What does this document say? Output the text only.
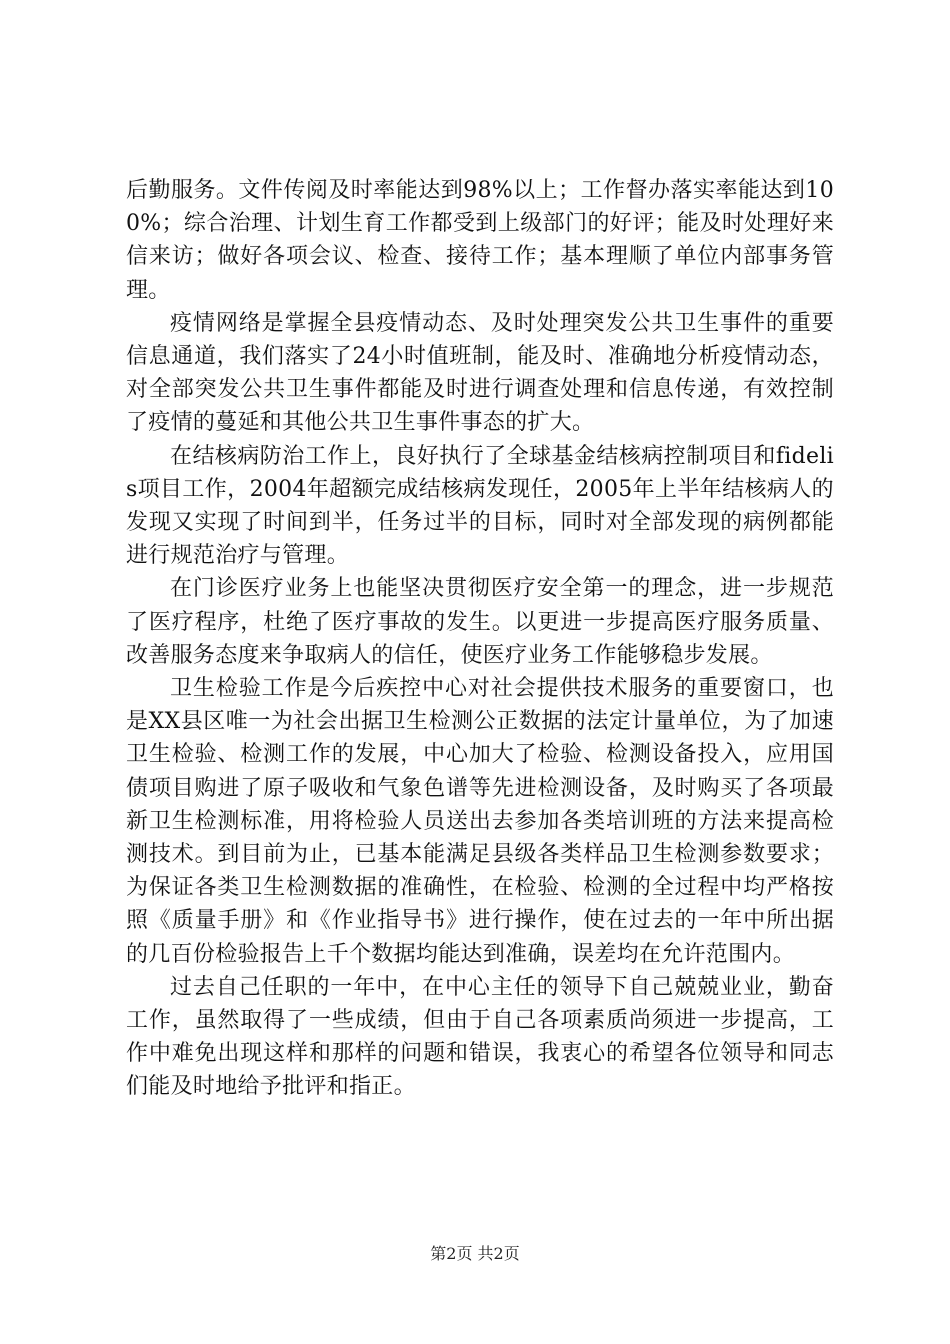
后勤服务。文件传阅及时率能达到98%以上；工作督办落实率能达到100%；综合治理、计划生育工作都受到上级部门的好评；能及时处理好来信来访；做好各项会议、检查、接待工作；基本理顺了单位内部事务管理。

疫情网络是掌握全县疫情动态、及时处理突发公共卫生事件的重要信息通道，我们落实了24小时值班制，能及时、准确地分析疫情动态，对全部突发公共卫生事件都能及时进行调查处理和信息传递，有效控制了疫情的蔓延和其他公共卫生事件事态的扩大。

在结核病防治工作上，良好执行了全球基金结核病控制项目和fidelis项目工作，2004年超额完成结核病发现任，2005年上半年结核病人的发现又实现了时间到半，任务过半的目标，同时对全部发现的病例都能进行规范治疗与管理。

在门诊医疗业务上也能坚决贯彻医疗安全第一的理念，进一步规范了医疗程序，杜绝了医疗事故的发生。以更进一步提高医疗服务质量、改善服务态度来争取病人的信任，使医疗业务工作能够稳步发展。

卫生检验工作是今后疾控中心对社会提供技术服务的重要窗口，也是XX县区唯一为社会出据卫生检测公正数据的法定计量单位，为了加速卫生检验、检测工作的发展，中心加大了检验、检测设备投入，应用国债项目购进了原子吸收和气象色谱等先进检测设备，及时购买了各项最新卫生检测标准，用将检验人员送出去参加各类培训班的方法来提高检测技术。到目前为止，已基本能满足县级各类样品卫生检测参数要求；为保证各类卫生检测数据的准确性，在检验、检测的全过程中均严格按照《质量手册》和《作业指导书》进行操作，使在过去的一年中所出据的几百份检验报告上千个数据均能达到准确，误差均在允许范围内。

过去自己任职的一年中，在中心主任的领导下自己兢兢业业，勤奋工作，虽然取得了一些成绩，但由于自己各项素质尚须进一步提高，工作中难免出现这样和那样的问题和错误，我衷心的希望各位领导和同志们能及时地给予批评和指正。

第2页 共2页
